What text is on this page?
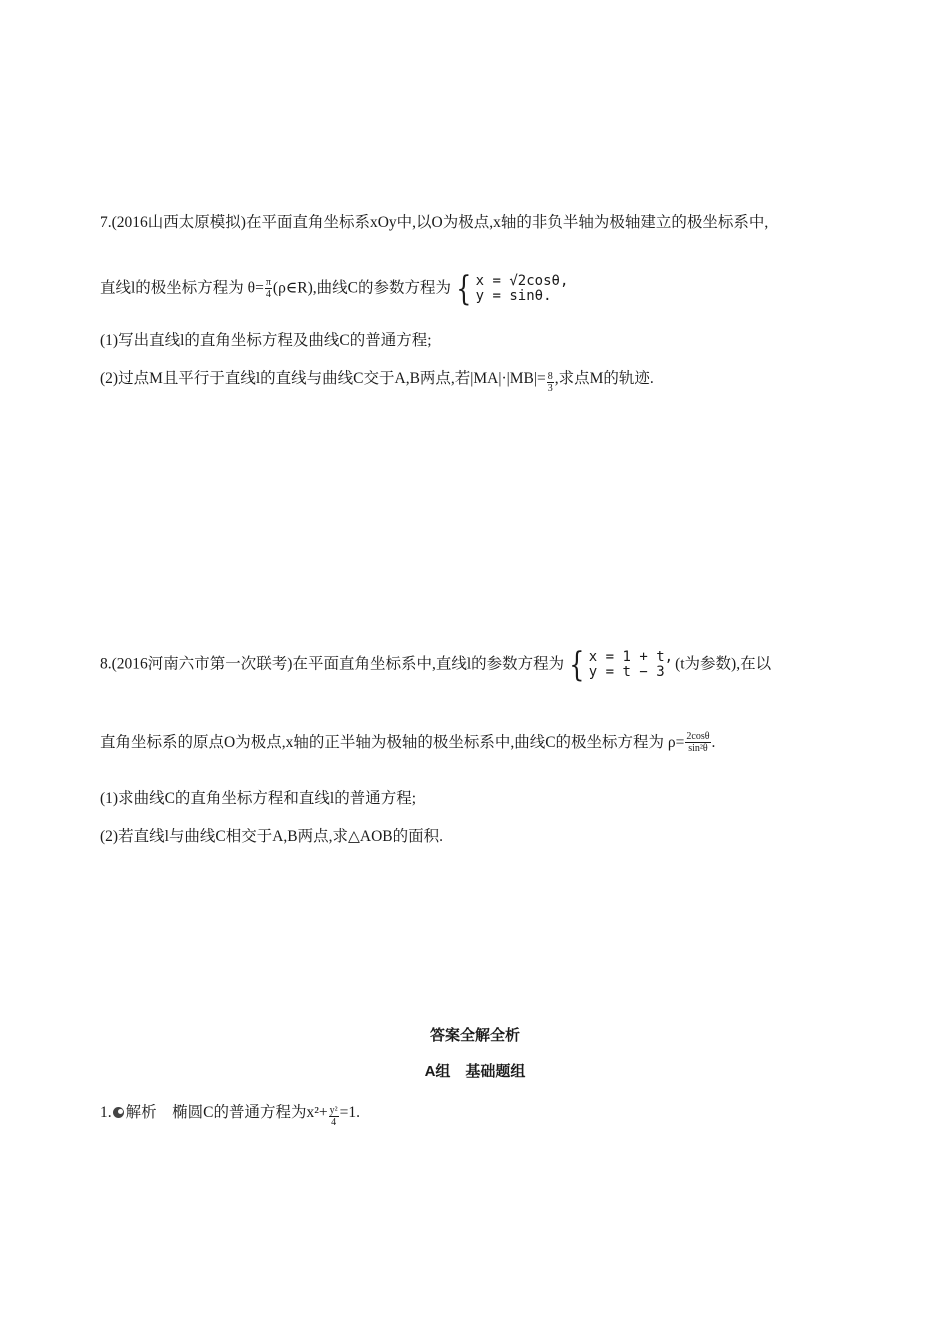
7.(2016山西太原模拟)在平面直角坐标系xOy中,以O为极点,x轴的非负半轴为极轴建立的极坐标系中,
直线l的极坐标方程为 $\theta= \frac{\pi}{4}$ (ρ∈R),曲线C的参数方程为 { x = √2cosθ,
y = sinθ.
(1)写出直线l的直角坐标方程及曲线C的普通方程;
(2)过点M且平行于直线l的直线与曲线C交于A,B两点,若$|MA|\cdot|MB|= \frac{8}{3}$ ,求点M的轨迹.
8.(2016河南六市第一次联考)在平面直角坐标系中,直线l的参数方程为 { x = 1 + t,
y = t − 3 (t为参数),在以
直角坐标系的原点O为极点,x轴的正半轴为极轴的极坐标系中,曲线C的极坐标方程为 $\rho= \frac{2\cos\theta}{\text{sin²θ}}$ .
(1)求曲线C的直角坐标方程和直线l的普通方程;
(2)若直线l与曲线C相交于A,B两点,求△AOB的面积.
答案全解全析
A组　基础题组
1. 解析　椭圆C的普通方程为$x^2+ \frac{\text{y²}}{4} =1$.
